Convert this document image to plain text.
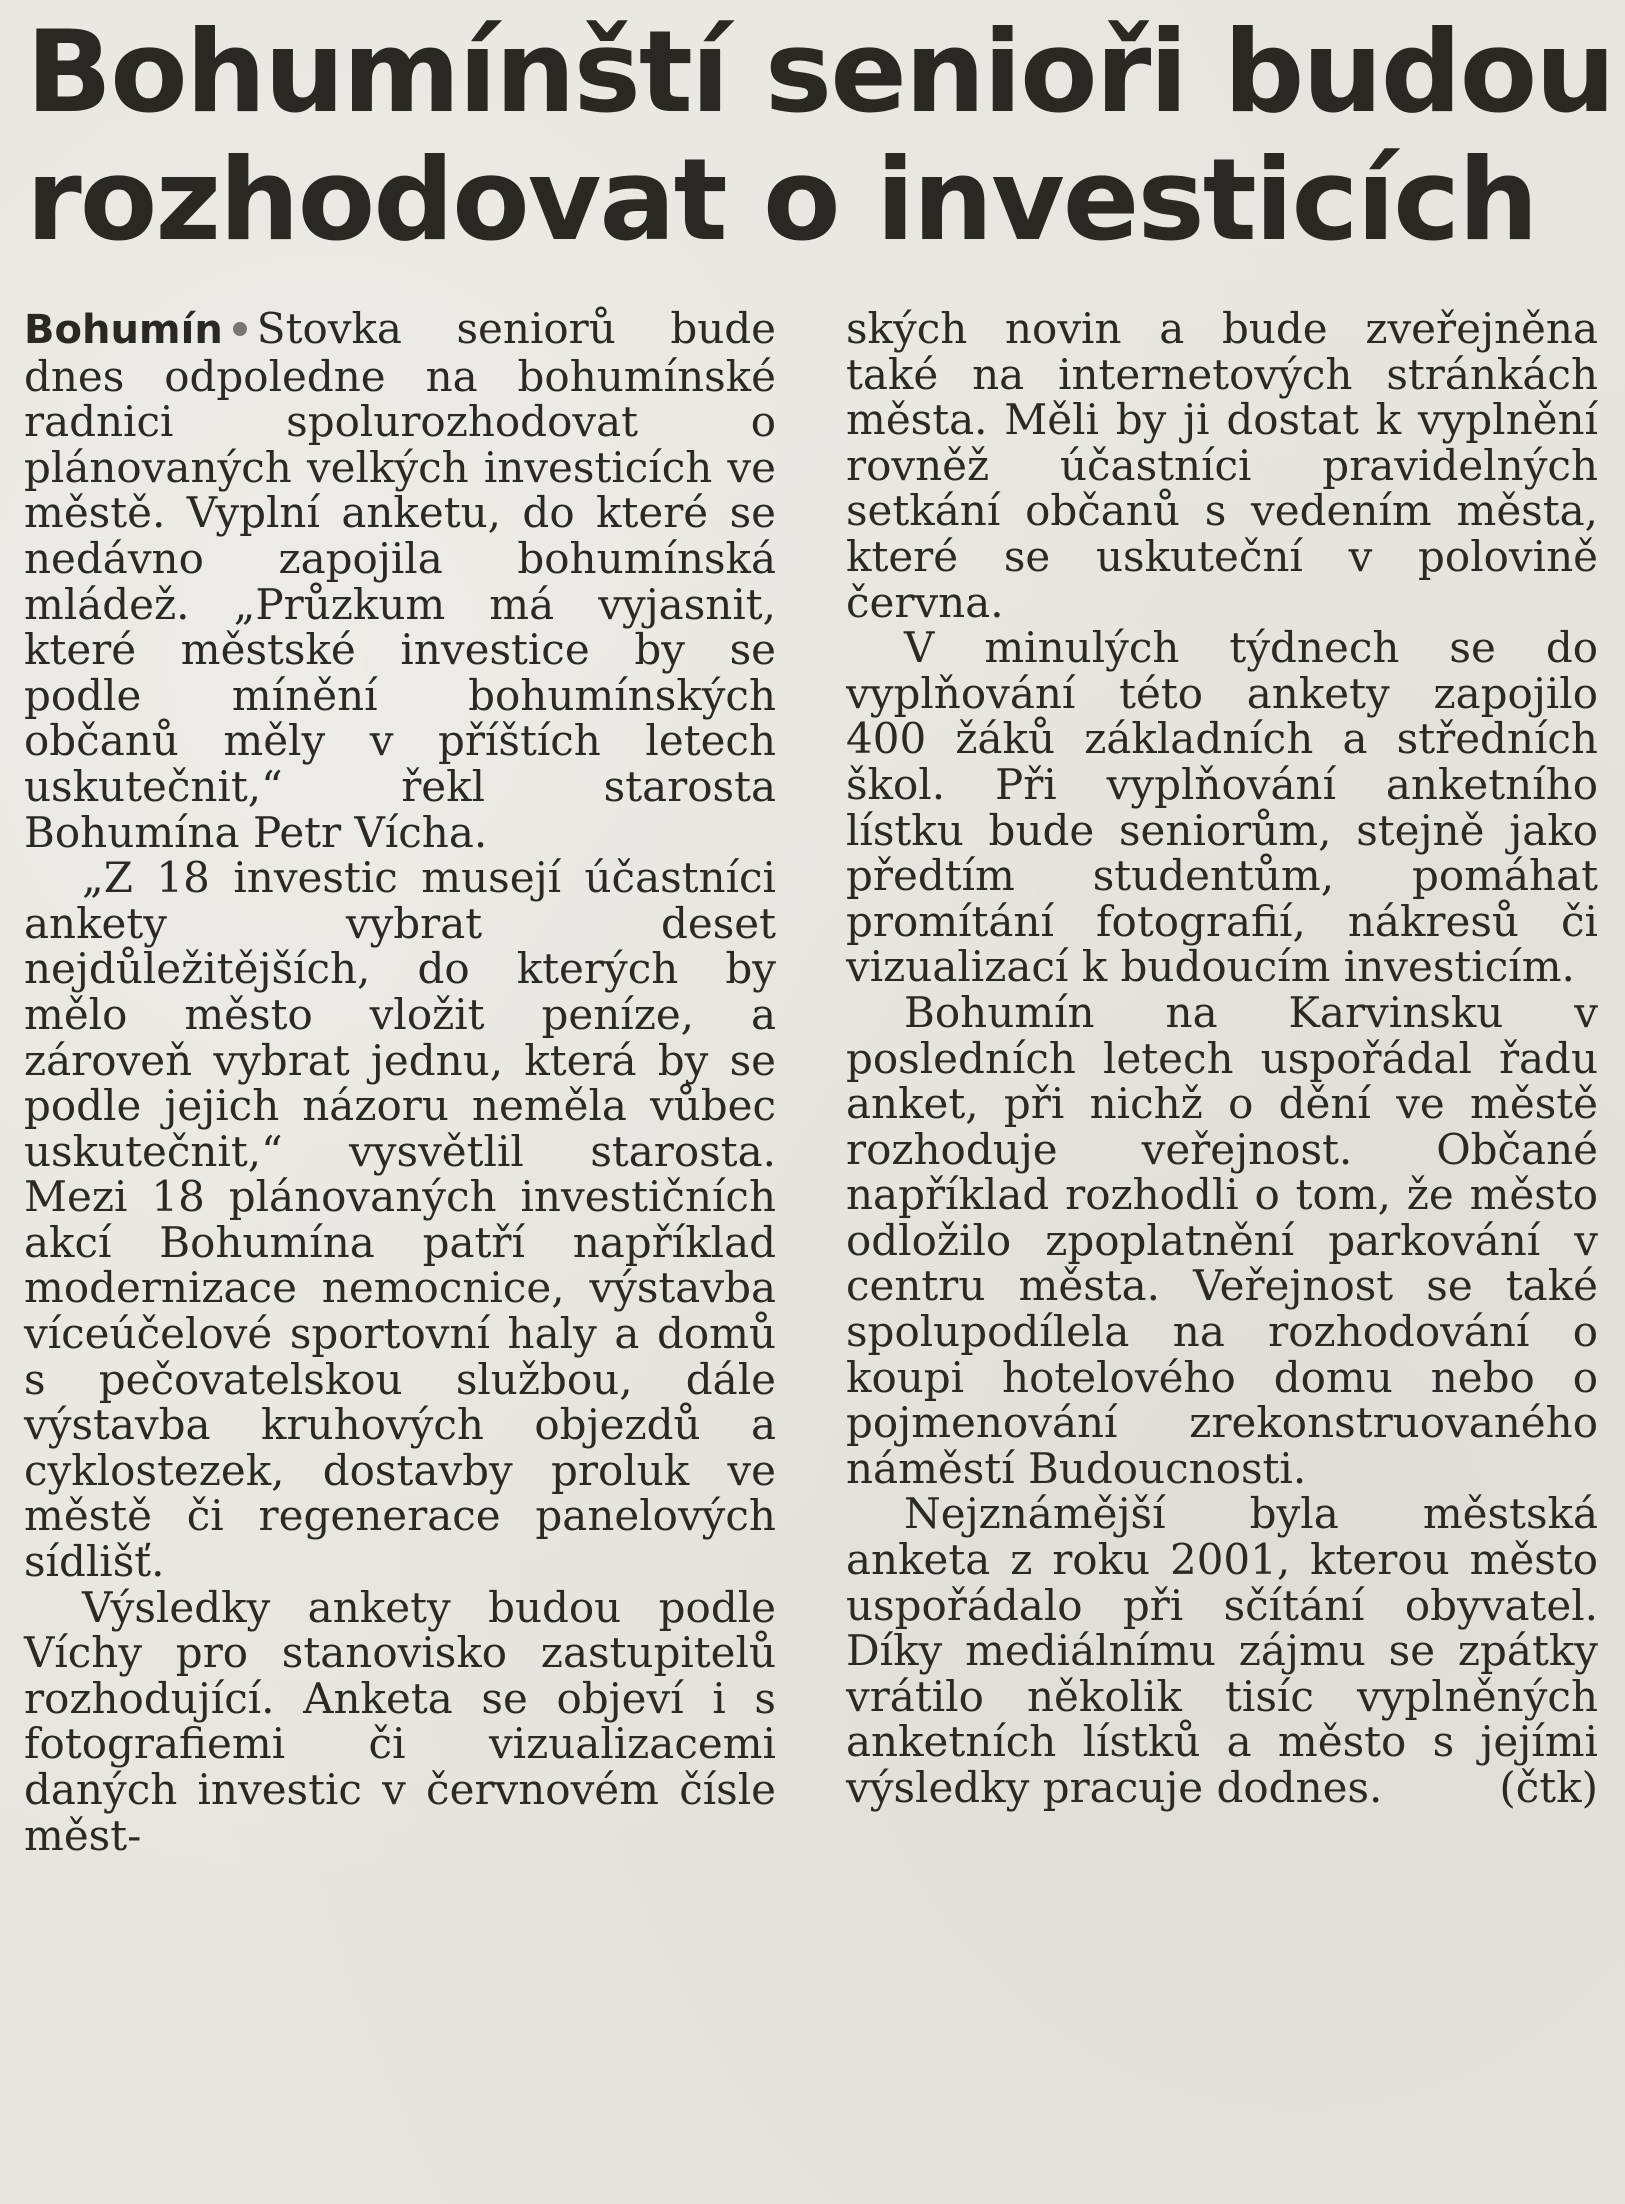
Bohumínští senioři budou
rozhodovat o investicích

Bohumín Stovka seniorů bude dnes odpoledne na bohumínské radnici spolurozhodovat o plánovaných velkých investicích ve městě. Vyplní anketu, do které se nedávno zapojila bohumínská mládež. „Průzkum má vyjasnit, které městské investice by se podle mínění bohumínských občanů měly v příštích letech uskutečnit,“ řekl starosta Bohumína Petr Vícha.

„Z 18 investic musejí účastníci ankety vybrat deset nejdůležitějších, do kterých by mělo město vložit peníze, a zároveň vybrat jednu, která by se podle jejich názoru neměla vůbec uskutečnit,“ vysvětlil starosta. Mezi 18 plánovaných investičních akcí Bohumína patří například modernizace nemocnice, výstavba víceúčelové sportovní haly a domů s pečovatelskou službou, dále výstavba kruhových objezdů a cyklostezek, dostavby proluk ve městě či regenerace panelových sídlišť.

Výsledky ankety budou podle Víchy pro stanovisko zastupitelů rozhodující. Anketa se objeví i s fotografiemi či vizualizacemi daných investic v červnovém čísle měst-

ských novin a bude zveřejněna také na internetových stránkách města. Měli by ji dostat k vyplnění rovněž účastníci pravidelných setkání občanů s vedením města, které se uskuteční v polovině června.

V minulých týdnech se do vyplňování této ankety zapojilo 400 žáků základních a středních škol. Při vyplňování anketního lístku bude seniorům, stejně jako předtím studentům, pomáhat promítání fotografií, nákresů či vizualizací k budoucím investicím.

Bohumín na Karvinsku v posledních letech uspořádal řadu anket, při nichž o dění ve městě rozhoduje veřejnost. Občané například rozhodli o tom, že město odložilo zpoplatnění parkování v centru města. Veřejnost se také spolupodílela na rozhodování o koupi hotelového domu nebo o pojmenování zrekonstruovaného náměstí Budoucnosti.

Nejznámější byla městská anketa z roku 2001, kterou město uspořádalo při sčítání obyvatel. Díky mediálnímu zájmu se zpátky vrátilo několik tisíc vyplněných anketních lístků a město s jejími výsledky pracuje dodnes.	(čtk)
